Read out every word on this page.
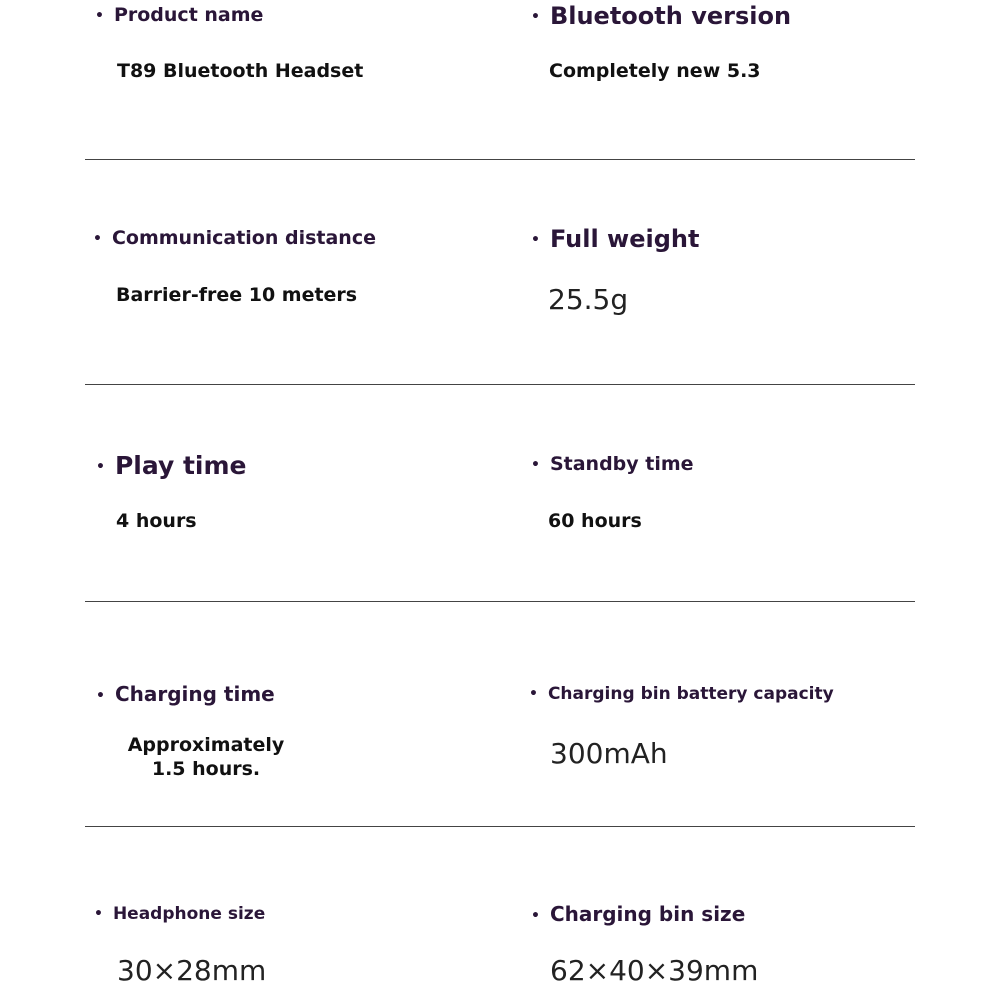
• Product name
T89 Bluetooth Headset
• Bluetooth version
Completely new 5.3
• Communication distance
Barrier-free 10 meters
• Full weight
25.5g
• Play time
4 hours
• Standby time
60 hours
• Charging time
Approximately 1.5 hours.
• Charging bin battery capacity
300mAh
• Headphone size
30×28mm
• Charging bin size
62×40×39mm
